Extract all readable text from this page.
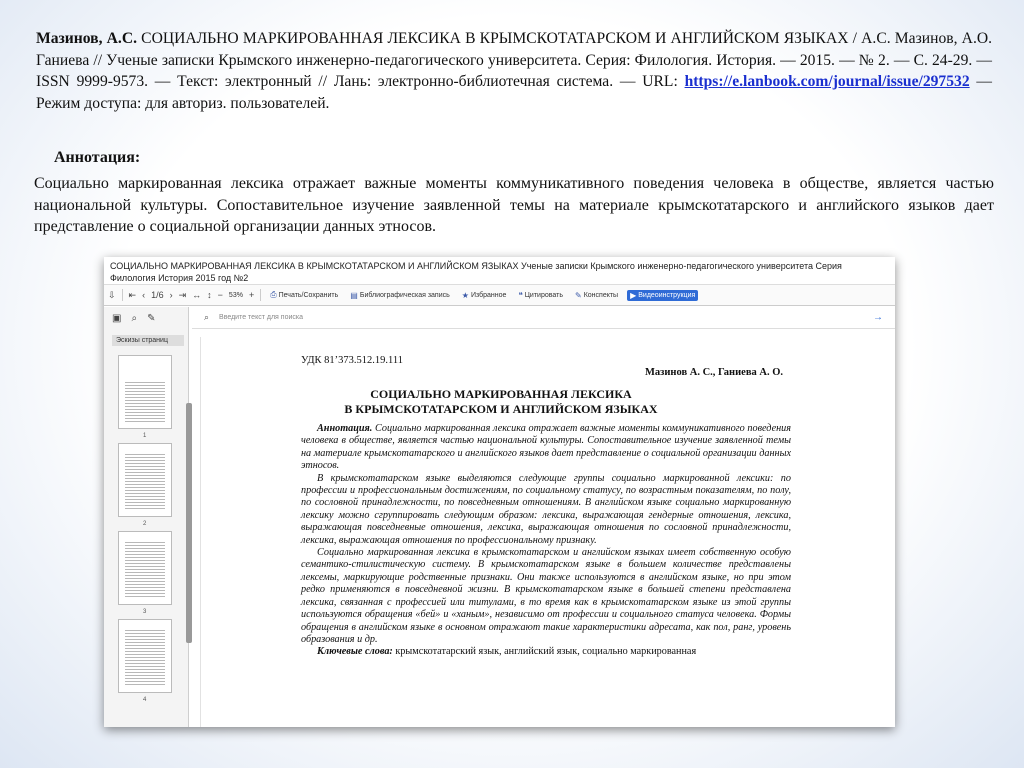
Мазинов, А.С. СОЦИАЛЬНО МАРКИРОВАННАЯ ЛЕКСИКА В КРЫМСКОТАТАРСКОМ И АНГЛИЙСКОМ ЯЗЫКАХ / А.С. Мазинов, А.О. Ганиева // Ученые записки Крымского инженерно-педагогического университета. Серия: Филология. История. — 2015. — № 2. — С. 24-29. — ISSN 9999-9573. — Текст: электронный // Лань: электронно-библиотечная система. — URL: https://e.lanbook.com/journal/issue/297532 — Режим доступа: для авториз. пользователей.
Аннотация:
Социально маркированная лексика отражает важные моменты коммуникативного поведения человека в обществе, является частью национальной культуры. Сопоставительное изучение заявленной темы на материале крымскотатарского и английского языков дает представление о социальной организации данных этносов.
СОЦИАЛЬНО МАРКИРОВАННАЯ ЛЕКСИКА В КРЫМСКОТАТАРСКОМ И АНГЛИЙСКОМ ЯЗЫКАХ Ученые записки Крымского инженерно-педагогического университета Серия Филология История 2015 год №2
⇩ ⇤ ‹ 1/6 › ⇥ ↔ ↕ − 53% + ⎙ Печать/Сохранить ▤ Библиографическая запись ★ Избранное ❝ Цитировать ✎ Конспекты ▶ Видеоинструкция
▣ ⌕ ✎
Эскизы страниц
1
2
3
4
⌕ Введите текст для поиска	→
УДК 81’373.512.19.111
Мазинов А. С., Ганиева А. О.
СОЦИАЛЬНО МАРКИРОВАННАЯ ЛЕКСИКА
В КРЫМСКОТАТАРСКОМ И АНГЛИЙСКОМ ЯЗЫКАХ

Аннотация. Социально маркированная лексика отражает важные моменты коммуникативного поведения человека в обществе, является частью национальной культуры. Сопоставительное изучение заявленной темы на материале крымскотатарского и английского языков дает представление о социальной организации данных этносов.

В крымскотатарском языке выделяются следующие группы социально маркированной лексики: по профессии и профессиональным достижениям, по социальному статусу, по возрастным показателям, по полу, по сословной принадлежности, по повседневным отношениям. В английском языке социально маркированную лексику можно сгруппировать следующим образом: лексика, выражающая гендерные отношения, лексика, выражающая повседневные отношения, лексика, выражающая отношения по сословной принадлежности, лексика, выражающая отношения по профессиональному признаку.

Социально маркированная лексика в крымскотатарском и английском языках имеет собственную особую семантико-стилистическую систему. В крымскотатарском языке в большем количестве представлены лексемы, маркирующие родственные признаки. Они также используются в английском языке, но при этом редко применяются в повседневной жизни. В крымскотатарском языке в большей степени представлена лексика, связанная с профессией или титулами, в то время как в крымскотатарском языке из этой группы используются обращения «бей» и «ханым», независимо от профессии и социального статуса человека. Формы обращения в английском языке в основном отражают такие характеристики адресата, как пол, ранг, уровень образования и др.

Ключевые слова: крымскотатарский язык, английский язык, социально маркированная
